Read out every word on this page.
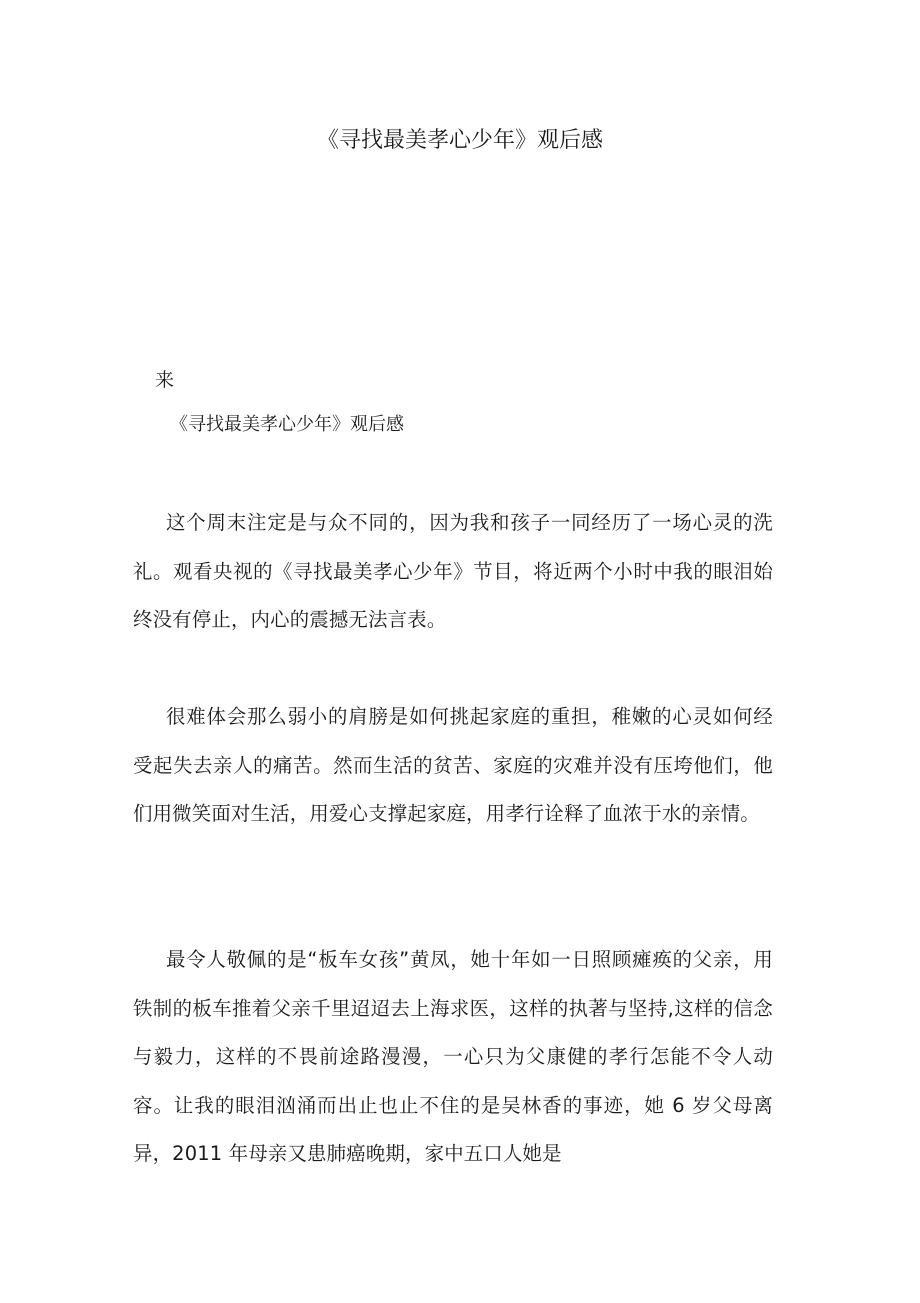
《寻找最美孝心少年》观后感
来
《寻找最美孝心少年》观后感

这个周末注定是与众不同的，因为我和孩子一同经历了一场心灵的洗礼。观看央视的《寻找最美孝心少年》节目，将近两个小时中我的眼泪始终没有停止，内心的震撼无法言表。

很难体会那么弱小的肩膀是如何挑起家庭的重担，稚嫩的心灵如何经受起失去亲人的痛苦。然而生活的贫苦、家庭的灾难并没有压垮他们，他们用微笑面对生活，用爱心支撑起家庭，用孝行诠释了血浓于水的亲情。

最令人敬佩的是“板车女孩”黄凤，她十年如一日照顾瘫痪的父亲，用铁制的板车推着父亲千里迢迢去上海求医，这样的执著与坚持,这样的信念与毅力，这样的不畏前途路漫漫，一心只为父康健的孝行怎能不令人动容。让我的眼泪汹涌而出止也止不住的是吴林香的事迹，她 6 岁父母离异，2011 年母亲又患肺癌晚期，家中五口人她是
